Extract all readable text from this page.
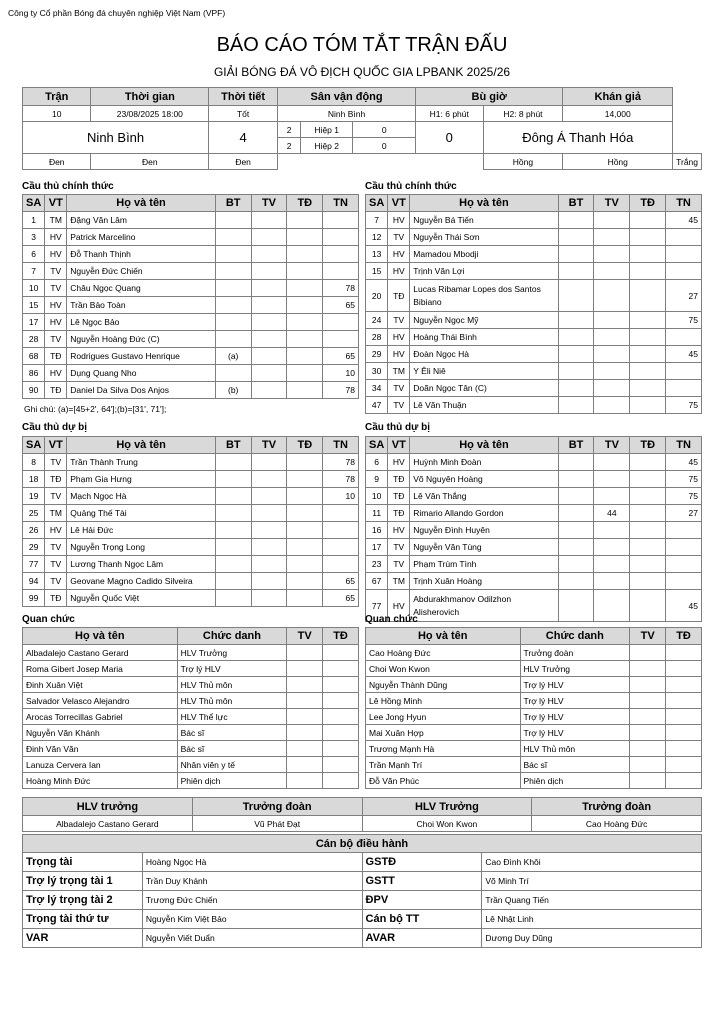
Công ty Cổ phần Bóng đá chuyên nghiệp Việt Nam (VPF)
BÁO CÁO TÓM TẮT TRẬN ĐẤU
GIẢI BÓNG ĐÁ VÔ ĐỊCH QUỐC GIA LPBANK 2025/26
Trận	Thời gian	Thời tiết	Sân vận động			Bù giờ		Khán giả	
10	23/08/2025 18:00	Tốt	Ninh Bình			H1: 6 phút	H2: 8 phút	14,000	
Ninh Bình		4	2	Hiệp 1	0	0	Đông Á Thanh Hóa		
			2	Hiệp 2	0				
Đen	Đen	Đen					Hồng	Hồng	Trắng
Cầu thủ chính thức	Cầu thủ chính thức
SA	VT	Họ và tên	BT	TV	TĐ	TN
1	TM	Đặng Văn Lâm				
3	HV	Patrick Marcelino				
6	HV	Đỗ Thanh Thịnh				
7	TV	Nguyễn Đức Chiến				
10	TV	Châu Ngọc Quang				78
15	HV	Trần Bảo Toàn				65
17	HV	Lê Ngọc Bảo				
28	TV	Nguyễn Hoàng Đức (C)				
68	TĐ	Rodrigues Gustavo Henrique	(a)			65
86	HV	Dụng Quang Nho				10
90	TĐ	Daniel Da Silva Dos Anjos	(b)			78
SA	VT	Họ và tên	BT	TV	TĐ	TN
7	HV	Nguyễn Bá Tiến				45
12	TV	Nguyễn Thái Sơn				
13	HV	Mamadou Mbodji				
15	HV	Trịnh Văn Lợi				
20	TĐ	Lucas Ribamar Lopes dos Santos Bibiano				27
24	TV	Nguyễn Ngọc Mỹ				75
28	HV	Hoàng Thái Bình				
29	HV	Đoàn Ngọc Hà				45
30	TM	Y Êli Niê				
34	TV	Doãn Ngọc Tân (C)				
47	TV	Lê Văn Thuận				75
Ghi chú: (a)=[45+2', 64'];(b)=[31', 71'];
Cầu thủ dự bị	Cầu thủ dự bị
SA	VT	Họ và tên	BT	TV	TĐ	TN
8	TV	Trần Thành Trung				78
18	TĐ	Phạm Gia Hưng				78
19	TV	Mạch Ngọc Hà				10
25	TM	Quảng Thế Tài				
26	HV	Lê Hải Đức				
29	TV	Nguyễn Trọng Long				
77	TV	Lương Thanh Ngọc Lâm				
94	TV	Geovane Magno Cadido Silveira				65
99	TĐ	Nguyễn Quốc Việt				65
SA	VT	Họ và tên	BT	TV	TĐ	TN
6	HV	Huỳnh Minh Đoàn				45
9	TĐ	Võ Nguyên Hoàng				75
10	TĐ	Lê Văn Thắng				75
11	TĐ	Rimario Allando Gordon		44		27
16	HV	Nguyễn Đình Huyên				
17	TV	Nguyễn Văn Tùng				
23	TV	Phạm Trùm Tình				
67	TM	Trịnh Xuân Hoàng				
77	HV	Abdurakhmanov Odilzhon Alisherovich				45
Quan chức	Quan chức
Họ và tên	Chức danh	TV	TĐ
Albadalejo Castano Gerard	HLV Trưởng		
Roma Gibert Josep Maria	Trợ lý HLV		
Đinh Xuân Việt	HLV Thủ môn		
Salvador Velasco Alejandro	HLV Thủ môn		
Arocas Torrecillas Gabriel	HLV Thể lực		
Nguyễn Văn Khánh	Bác sĩ		
Đinh Văn Văn	Bác sĩ		
Lanuza Cervera Ian	Nhân viên y tế		
Hoàng Minh Đức	Phiên dịch		
Họ và tên	Chức danh	TV	TĐ
Cao Hoàng Đức	Trưởng đoàn		
Choi Won Kwon	HLV Trưởng		
Nguyễn Thành Dũng	Trợ lý HLV		
Lê Hồng Minh	Trợ lý HLV		
Lee Jong Hyun	Trợ lý HLV		
Mai Xuân Hợp	Trợ lý HLV		
Trương Mạnh Hà	HLV Thủ môn		
Trần Mạnh Trí	Bác sĩ		
Đỗ Văn Phúc	Phiên dịch		
HLV trưởng	Trưởng đoàn	HLV Trưởng	Trưởng đoàn
Albadalejo Castano Gerard	Vũ Phát Đạt	Choi Won Kwon	Cao Hoàng Đức
Cán bộ điều hành			
Trọng tài	Hoàng Ngọc Hà	GSTĐ	Cao Đình Khôi
Trợ lý trọng tài 1	Trần Duy Khánh	GSTT	Võ Minh Trí
Trợ lý trọng tài 2	Trương Đức Chiến	ĐPV	Trần Quang Tiến
Trọng tài thứ tư	Nguyễn Kim Việt Bảo	Cán bộ TT	Lê Nhật Linh
VAR	Nguyễn Viết Duẩn	AVAR	Dương Duy Dũng
